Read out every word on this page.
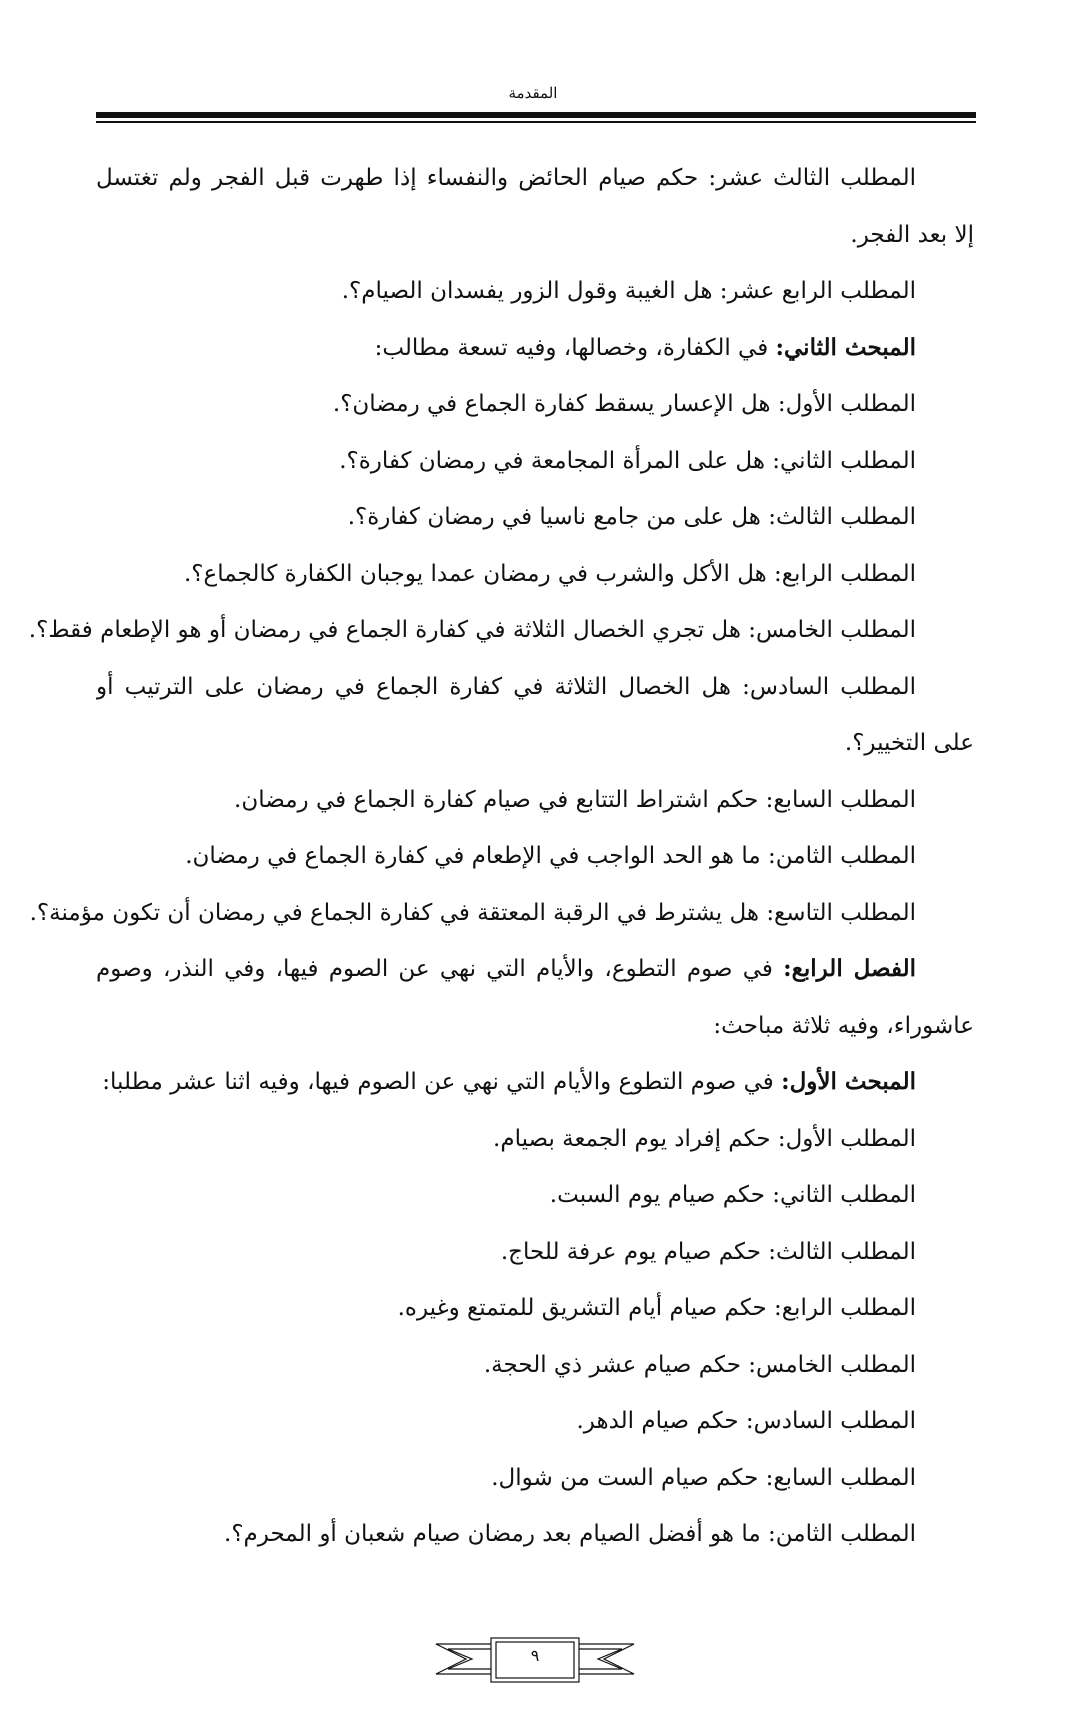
المقدمة
المطلب الثالث عشر: حكم صيام الحائض والنفساء إذا طهرت قبل الفجر ولم تغتسل
إلا بعد الفجر.
المطلب الرابع عشر: هل الغيبة وقول الزور يفسدان الصيام؟.
المبحث الثاني: في الكفارة، وخصالها، وفيه تسعة مطالب:
المطلب الأول: هل الإعسار يسقط كفارة الجماع في رمضان؟.
المطلب الثاني: هل على المرأة المجامعة في رمضان كفارة؟.
المطلب الثالث: هل على من جامع ناسيا في رمضان كفارة؟.
المطلب الرابع: هل الأكل والشرب في رمضان عمدا يوجبان الكفارة كالجماع؟.
المطلب الخامس: هل تجري الخصال الثلاثة في كفارة الجماع في رمضان أو هو الإطعام فقط؟.
المطلب السادس: هل الخصال الثلاثة في كفارة الجماع في رمضان على الترتيب أو
على التخيير؟.
المطلب السابع: حكم اشتراط التتابع في صيام كفارة الجماع في رمضان.
المطلب الثامن: ما هو الحد الواجب في الإطعام في كفارة الجماع في رمضان.
المطلب التاسع: هل يشترط في الرقبة المعتقة في كفارة الجماع في رمضان أن تكون مؤمنة؟.
الفصل الرابع: في صوم التطوع، والأيام التي نهي عن الصوم فيها، وفي النذر، وصوم
عاشوراء، وفيه ثلاثة مباحث:
المبحث الأول: في صوم التطوع والأيام التي نهي عن الصوم فيها، وفيه اثنا عشر مطلبا:
المطلب الأول: حكم إفراد يوم الجمعة بصيام.
المطلب الثاني: حكم صيام يوم السبت.
المطلب الثالث: حكم صيام يوم عرفة للحاج.
المطلب الرابع: حكم صيام أيام التشريق للمتمتع وغيره.
المطلب الخامس: حكم صيام عشر ذي الحجة.
المطلب السادس: حكم صيام الدهر.
المطلب السابع: حكم صيام الست من شوال.
المطلب الثامن: ما هو أفضل الصيام بعد رمضان صيام شعبان أو المحرم؟.
٩
